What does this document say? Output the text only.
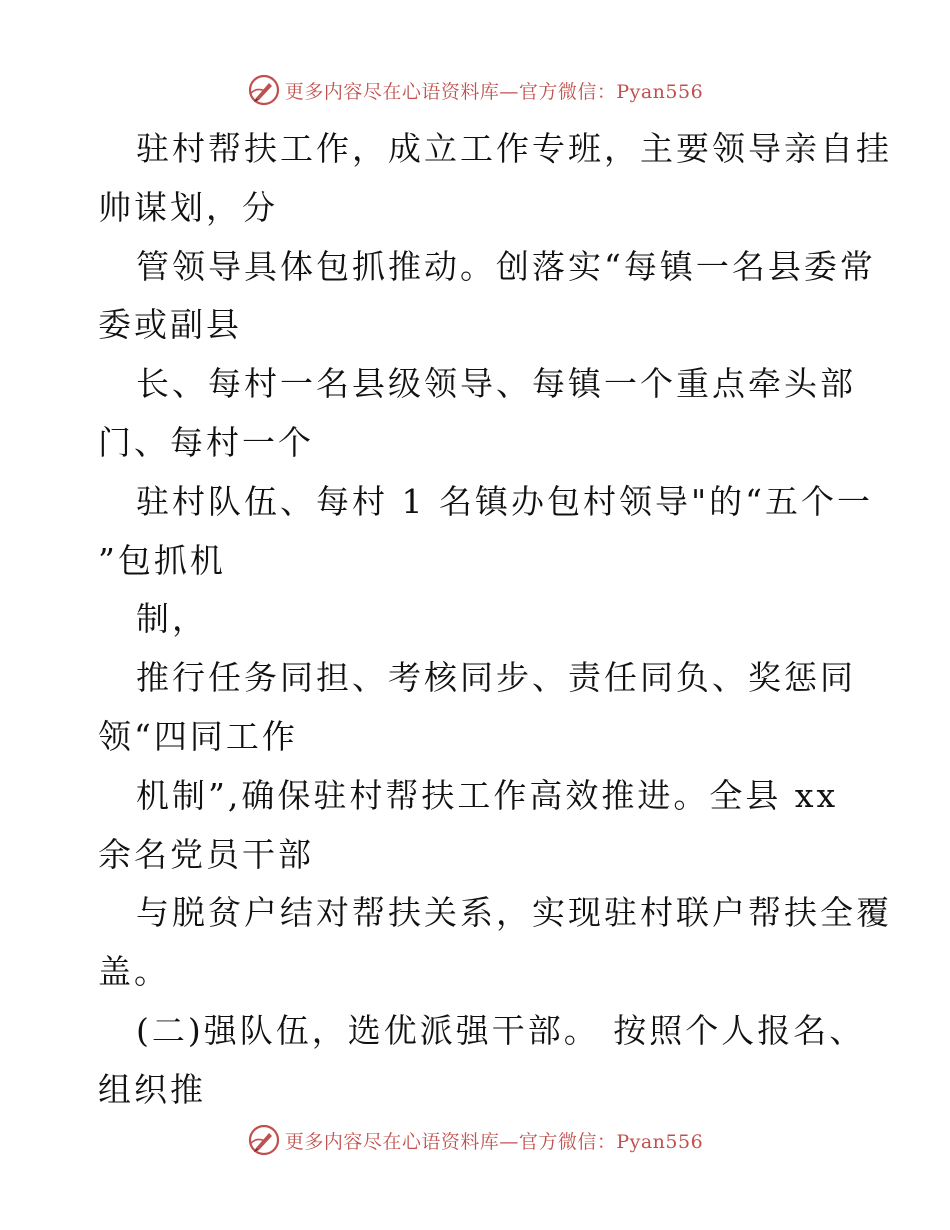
更多内容尽在心语资料库—官方微信：Pyan556
驻村帮扶工作，成立工作专班，主要领导亲自挂
帅谋划，分
管领导具体包抓推动。创落实“每镇一名县委常
委或副县
长、每村一名县级领导、每镇一个重点牵头部
门、每村一个
驻村队伍、每村 1 名镇办包村领导"的“五个一
”包抓机
制，
推行任务同担、考核同步、责任同负、奖惩同
领“四同工作
机制”,确保驻村帮扶工作高效推进。全县 xx
余名党员干部
与脱贫户结对帮扶关系，实现驻村联户帮扶全覆
盖。
(二)强队伍，选优派强干部。 按照个人报名、
组织推
更多内容尽在心语资料库—官方微信：Pyan556
